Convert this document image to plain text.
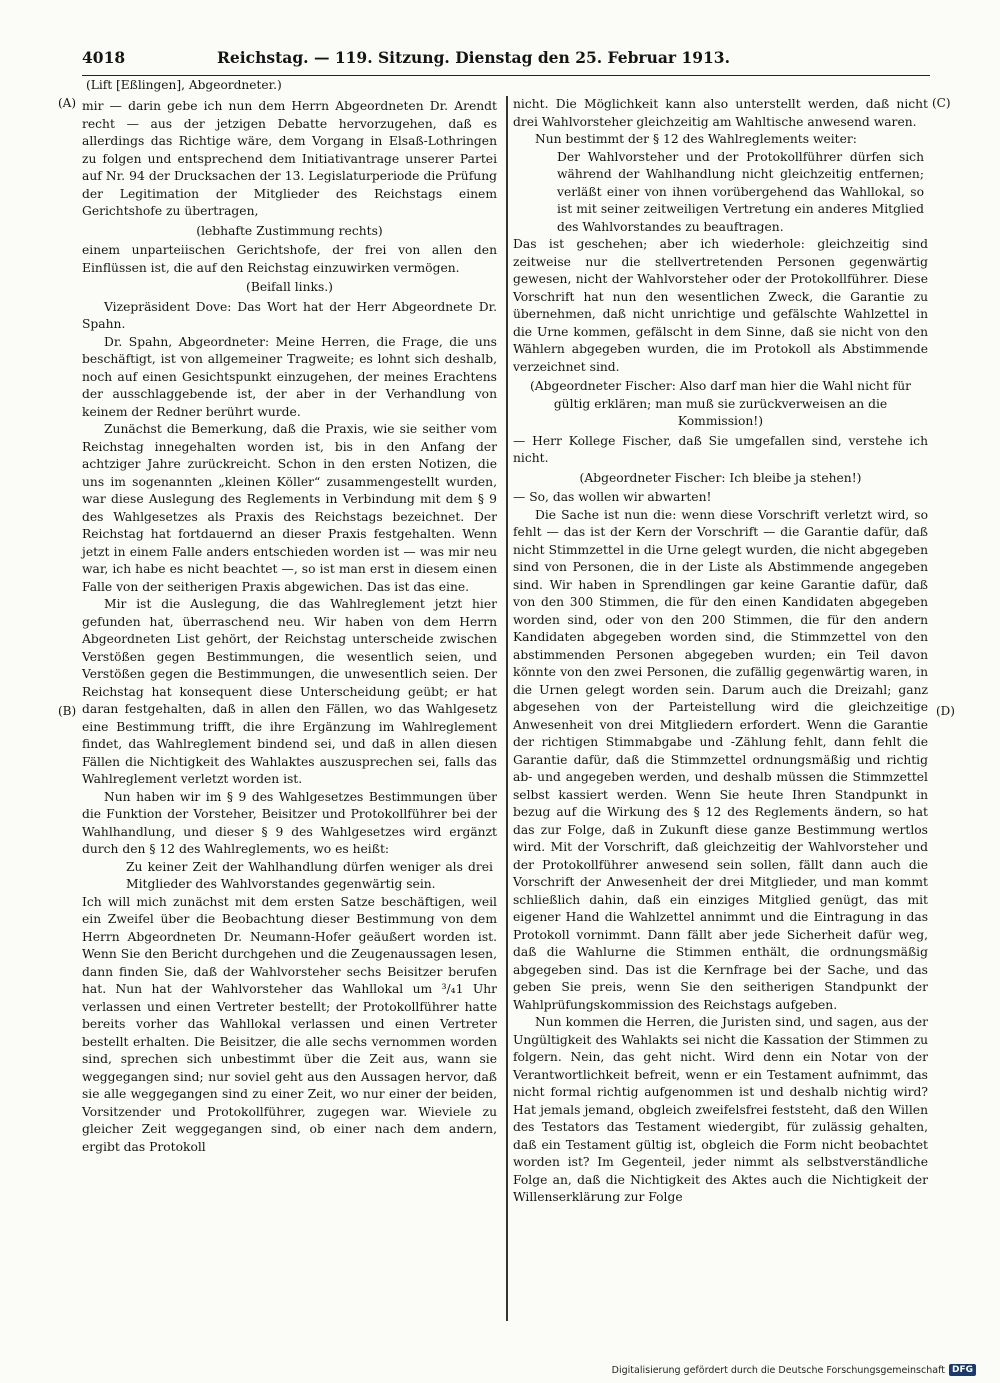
4018	Reichstag. — 119. Sitzung. Dienstag den 25. Februar 1913.
(Lift [Eßlingen], Abgeordneter.)
(A)
(B)
(C)
(D)

mir — darin gebe ich nun dem Herrn Abgeordneten Dr. Arendt recht — aus der jetzigen Debatte hervorzugehen, daß es allerdings das Richtige wäre, dem Vorgang in Elsaß-Lothringen zu folgen und entsprechend dem Initiativantrage unserer Partei auf Nr. 94 der Drucksachen der 13. Legislaturperiode die Prüfung der Legitimation der Mitglieder des Reichstags einem Gerichtshofe zu übertragen,

(lebhafte Zustimmung rechts)

einem unparteiischen Gerichtshofe, der frei von allen den Einflüssen ist, die auf den Reichstag einzuwirken vermögen.

(Beifall links.)

Vizepräsident Dove: Das Wort hat der Herr Abgeordnete Dr. Spahn.

Dr. Spahn, Abgeordneter: Meine Herren, die Frage, die uns beschäftigt, ist von allgemeiner Tragweite; es lohnt sich deshalb, noch auf einen Gesichtspunkt einzugehen, der meines Erachtens der ausschlaggebende ist, der aber in der Verhandlung von keinem der Redner berührt wurde.

Zunächst die Bemerkung, daß die Praxis, wie sie seither vom Reichstag innegehalten worden ist, bis in den Anfang der achtziger Jahre zurückreicht. Schon in den ersten Notizen, die uns im sogenannten „kleinen Köller“ zusammengestellt wurden, war diese Auslegung des Reglements in Verbindung mit dem § 9 des Wahlgesetzes als Praxis des Reichstags bezeichnet. Der Reichstag hat fortdauernd an dieser Praxis festgehalten. Wenn jetzt in einem Falle anders entschieden worden ist — was mir neu war, ich habe es nicht beachtet —, so ist man erst in diesem einen Falle von der seitherigen Praxis abgewichen. Das ist das eine.

Mir ist die Auslegung, die das Wahlreglement jetzt hier gefunden hat, überraschend neu. Wir haben von dem Herrn Abgeordneten List gehört, der Reichstag unterscheide zwischen Verstößen gegen Bestimmungen, die wesentlich seien, und Verstößen gegen die Bestimmungen, die unwesentlich seien. Der Reichstag hat konsequent diese Unterscheidung geübt; er hat daran festgehalten, daß in allen den Fällen, wo das Wahlgesetz eine Bestimmung trifft, die ihre Ergänzung im Wahlreglement findet, das Wahlreglement bindend sei, und daß in allen diesen Fällen die Nichtigkeit des Wahlaktes auszusprechen sei, falls das Wahlreglement verletzt worden ist.

Nun haben wir im § 9 des Wahlgesetzes Bestimmungen über die Funktion der Vorsteher, Beisitzer und Protokollführer bei der Wahlhandlung, und dieser § 9 des Wahlgesetzes wird ergänzt durch den § 12 des Wahlreglements, wo es heißt:

Zu keiner Zeit der Wahlhandlung dürfen weniger als drei Mitglieder des Wahlvorstandes gegenwärtig sein.

Ich will mich zunächst mit dem ersten Satze beschäftigen, weil ein Zweifel über die Beobachtung dieser Bestimmung von dem Herrn Abgeordneten Dr. Neumann-Hofer geäußert worden ist. Wenn Sie den Bericht durchgehen und die Zeugenaussagen lesen, dann finden Sie, daß der Wahlvorsteher sechs Beisitzer berufen hat. Nun hat der Wahlvorsteher das Wahllokal um ³/₄1 Uhr verlassen und einen Vertreter bestellt; der Protokollführer hatte bereits vorher das Wahllokal verlassen und einen Vertreter bestellt erhalten. Die Beisitzer, die alle sechs vernommen worden sind, sprechen sich unbestimmt über die Zeit aus, wann sie weggegangen sind; nur soviel geht aus den Aussagen hervor, daß sie alle weggegangen sind zu einer Zeit, wo nur einer der beiden, Vorsitzender und Protokollführer, zugegen war. Wieviele zu gleicher Zeit weggegangen sind, ob einer nach dem andern, ergibt das Protokoll

nicht. Die Möglichkeit kann also unterstellt werden, daß nicht drei Wahlvorsteher gleichzeitig am Wahltische anwesend waren.

Nun bestimmt der § 12 des Wahlreglements weiter:

Der Wahlvorsteher und der Protokollführer dürfen sich während der Wahlhandlung nicht gleichzeitig entfernen; verläßt einer von ihnen vorübergehend das Wahllokal, so ist mit seiner zeitweiligen Vertretung ein anderes Mitglied des Wahlvorstandes zu beauftragen.

Das ist geschehen; aber ich wiederhole: gleichzeitig sind zeitweise nur die stellvertretenden Personen gegenwärtig gewesen, nicht der Wahlvorsteher oder der Protokollführer. Diese Vorschrift hat nun den wesentlichen Zweck, die Garantie zu übernehmen, daß nicht unrichtige und gefälschte Wahlzettel in die Urne kommen, gefälscht in dem Sinne, daß sie nicht von den Wählern abgegeben wurden, die im Protokoll als Abstimmende verzeichnet sind.

(Abgeordneter Fischer: Also darf man hier die Wahl nicht für gültig erklären; man muß sie zurückverweisen an die Kommission!)

— Herr Kollege Fischer, daß Sie umgefallen sind, verstehe ich nicht.

(Abgeordneter Fischer: Ich bleibe ja stehen!)

— So, das wollen wir abwarten!

Die Sache ist nun die: wenn diese Vorschrift verletzt wird, so fehlt — das ist der Kern der Vorschrift — die Garantie dafür, daß nicht Stimmzettel in die Urne gelegt wurden, die nicht abgegeben sind von Personen, die in der Liste als Abstimmende angegeben sind. Wir haben in Sprendlingen gar keine Garantie dafür, daß von den 300 Stimmen, die für den einen Kandidaten abgegeben worden sind, oder von den 200 Stimmen, die für den andern Kandidaten abgegeben worden sind, die Stimmzettel von den abstimmenden Personen abgegeben wurden; ein Teil davon könnte von den zwei Personen, die zufällig gegenwärtig waren, in die Urnen gelegt worden sein. Darum auch die Dreizahl; ganz abgesehen von der Parteistellung wird die gleichzeitige Anwesenheit von drei Mitgliedern erfordert. Wenn die Garantie der richtigen Stimmabgabe und -Zählung fehlt, dann fehlt die Garantie dafür, daß die Stimmzettel ordnungsmäßig und richtig ab- und angegeben werden, und deshalb müssen die Stimmzettel selbst kassiert werden. Wenn Sie heute Ihren Standpunkt in bezug auf die Wirkung des § 12 des Reglements ändern, so hat das zur Folge, daß in Zukunft diese ganze Bestimmung wertlos wird. Mit der Vorschrift, daß gleichzeitig der Wahlvorsteher und der Protokollführer anwesend sein sollen, fällt dann auch die Vorschrift der Anwesenheit der drei Mitglieder, und man kommt schließlich dahin, daß ein einziges Mitglied genügt, das mit eigener Hand die Wahlzettel annimmt und die Eintragung in das Protokoll vornimmt. Dann fällt aber jede Sicherheit dafür weg, daß die Wahlurne die Stimmen enthält, die ordnungsmäßig abgegeben sind. Das ist die Kernfrage bei der Sache, und das geben Sie preis, wenn Sie den seitherigen Standpunkt der Wahlprüfungskommission des Reichstags aufgeben.

Nun kommen die Herren, die Juristen sind, und sagen, aus der Ungültigkeit des Wahlakts sei nicht die Kassation der Stimmen zu folgern. Nein, das geht nicht. Wird denn ein Notar von der Verantwortlichkeit befreit, wenn er ein Testament aufnimmt, das nicht formal richtig aufgenommen ist und deshalb nichtig wird? Hat jemals jemand, obgleich zweifelsfrei feststeht, daß den Willen des Testators das Testament wiedergibt, für zulässig gehalten, daß ein Testament gültig ist, obgleich die Form nicht beobachtet worden ist? Im Gegenteil, jeder nimmt als selbstverständliche Folge an, daß die Nichtigkeit des Aktes auch die Nichtigkeit der Willenserklärung zur Folge

Digitalisierung gefördert durch die Deutsche Forschungsgemeinschaft DFG
